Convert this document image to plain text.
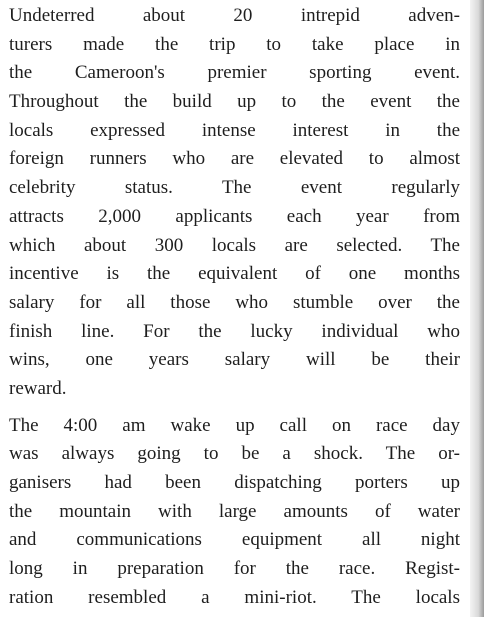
Undeterred about 20 intrepid adven-
turers made the trip to take place in
the Cameroon's premier sporting event.
Throughout the build up to the event the
locals expressed intense interest in the
foreign runners who are elevated to almost
celebrity status. The event regularly
attracts 2,000 applicants each year from
which about 300 locals are selected. The
incentive is the equivalent of one months
salary for all those who stumble over the
finish line. For the lucky individual who
wins, one years salary will be their
reward.
The 4:00 am wake up call on race day
was always going to be a shock. The or-
ganisers had been dispatching porters up
the mountain with large amounts of water
and communications equipment all night
long in preparation for the race. Regist-
ration resembled a mini-riot. The locals
